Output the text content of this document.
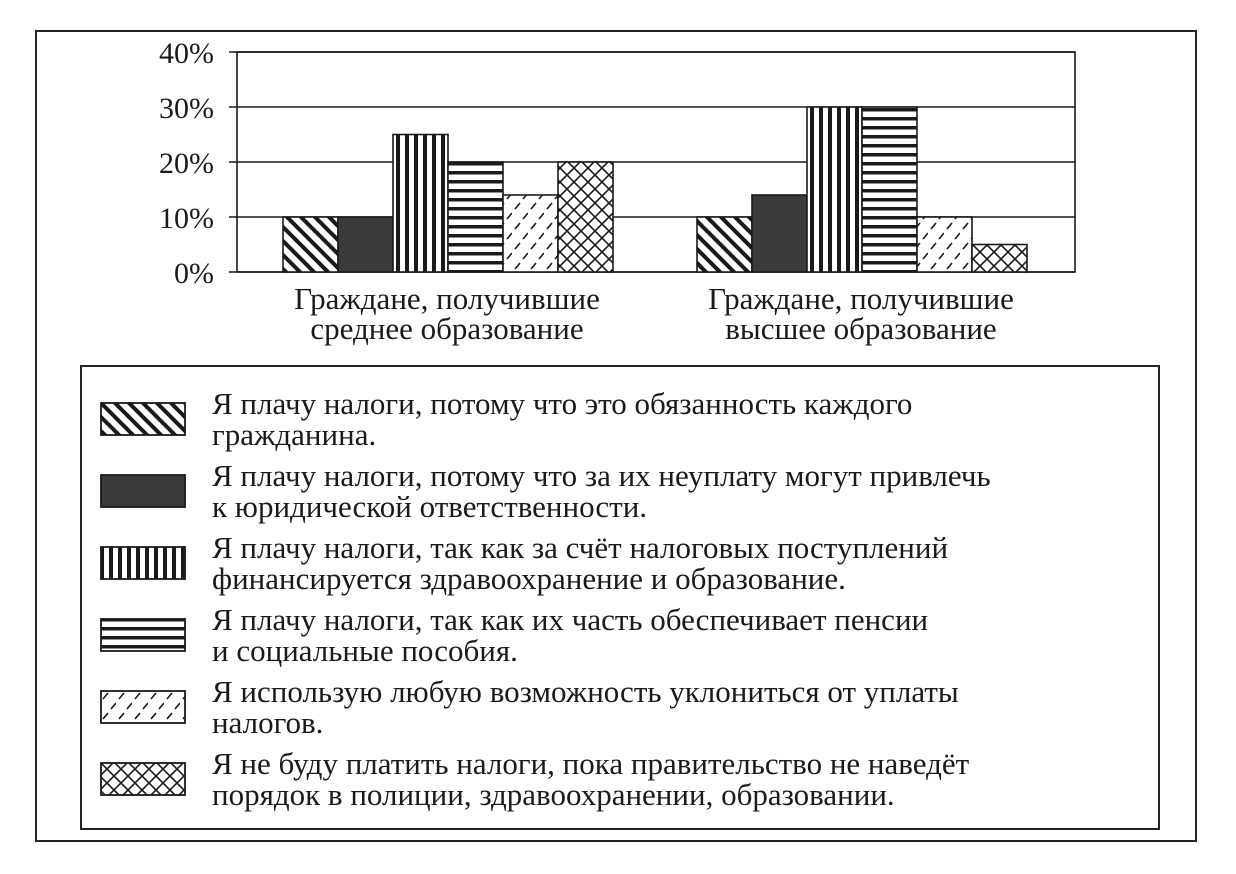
40%
30%
20%
10%
0%
Граждане, получившие среднее образование
Граждане, получившие высшее образование
Я плачу налоги, потому что это обязанность каждого
гражданина.
Я плачу налоги, потому что за их неуплату могут привлечь
к юридической ответственности.
Я плачу налоги, так как за счёт налоговых поступлений
финансируется здравоохранение и образование.
Я плачу налоги, так как их часть обеспечивает пенсии
и социальные пособия.
Я использую любую возможность уклониться от уплаты
налогов.
Я не буду платить налоги, пока правительство не наведёт
порядок в полиции, здравоохранении, образовании.
